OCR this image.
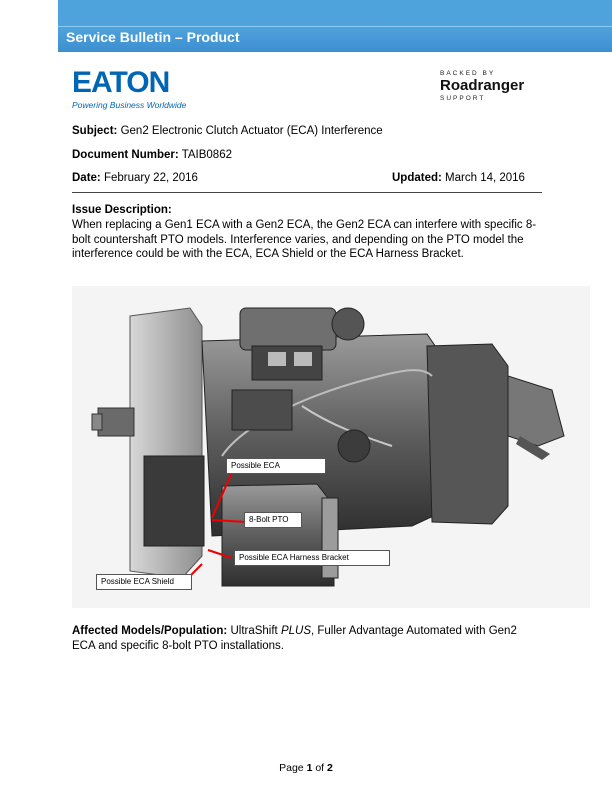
Service Bulletin – Product
EATON
Powering Business Worldwide
BACKED BY
Roadranger
SUPPORT
Subject: Gen2 Electronic Clutch Actuator (ECA) Interference
Document Number: TAIB0862
Date: February 22, 2016	Updated: March 14, 2016
Issue Description:
When replacing a Gen1 ECA with a Gen2 ECA, the Gen2 ECA can interfere with specific 8-bolt countershaft PTO models. Interference varies, and depending on the PTO model the interference could be with the ECA, ECA Shield or the ECA Harness Bracket.
Possible ECA
8-Bolt PTO
Possible ECA Harness Bracket
Possible ECA Shield
Affected Models/Population: UltraShift PLUS, Fuller Advantage Automated with Gen2 ECA and specific 8-bolt PTO installations.
Page 1 of 2
